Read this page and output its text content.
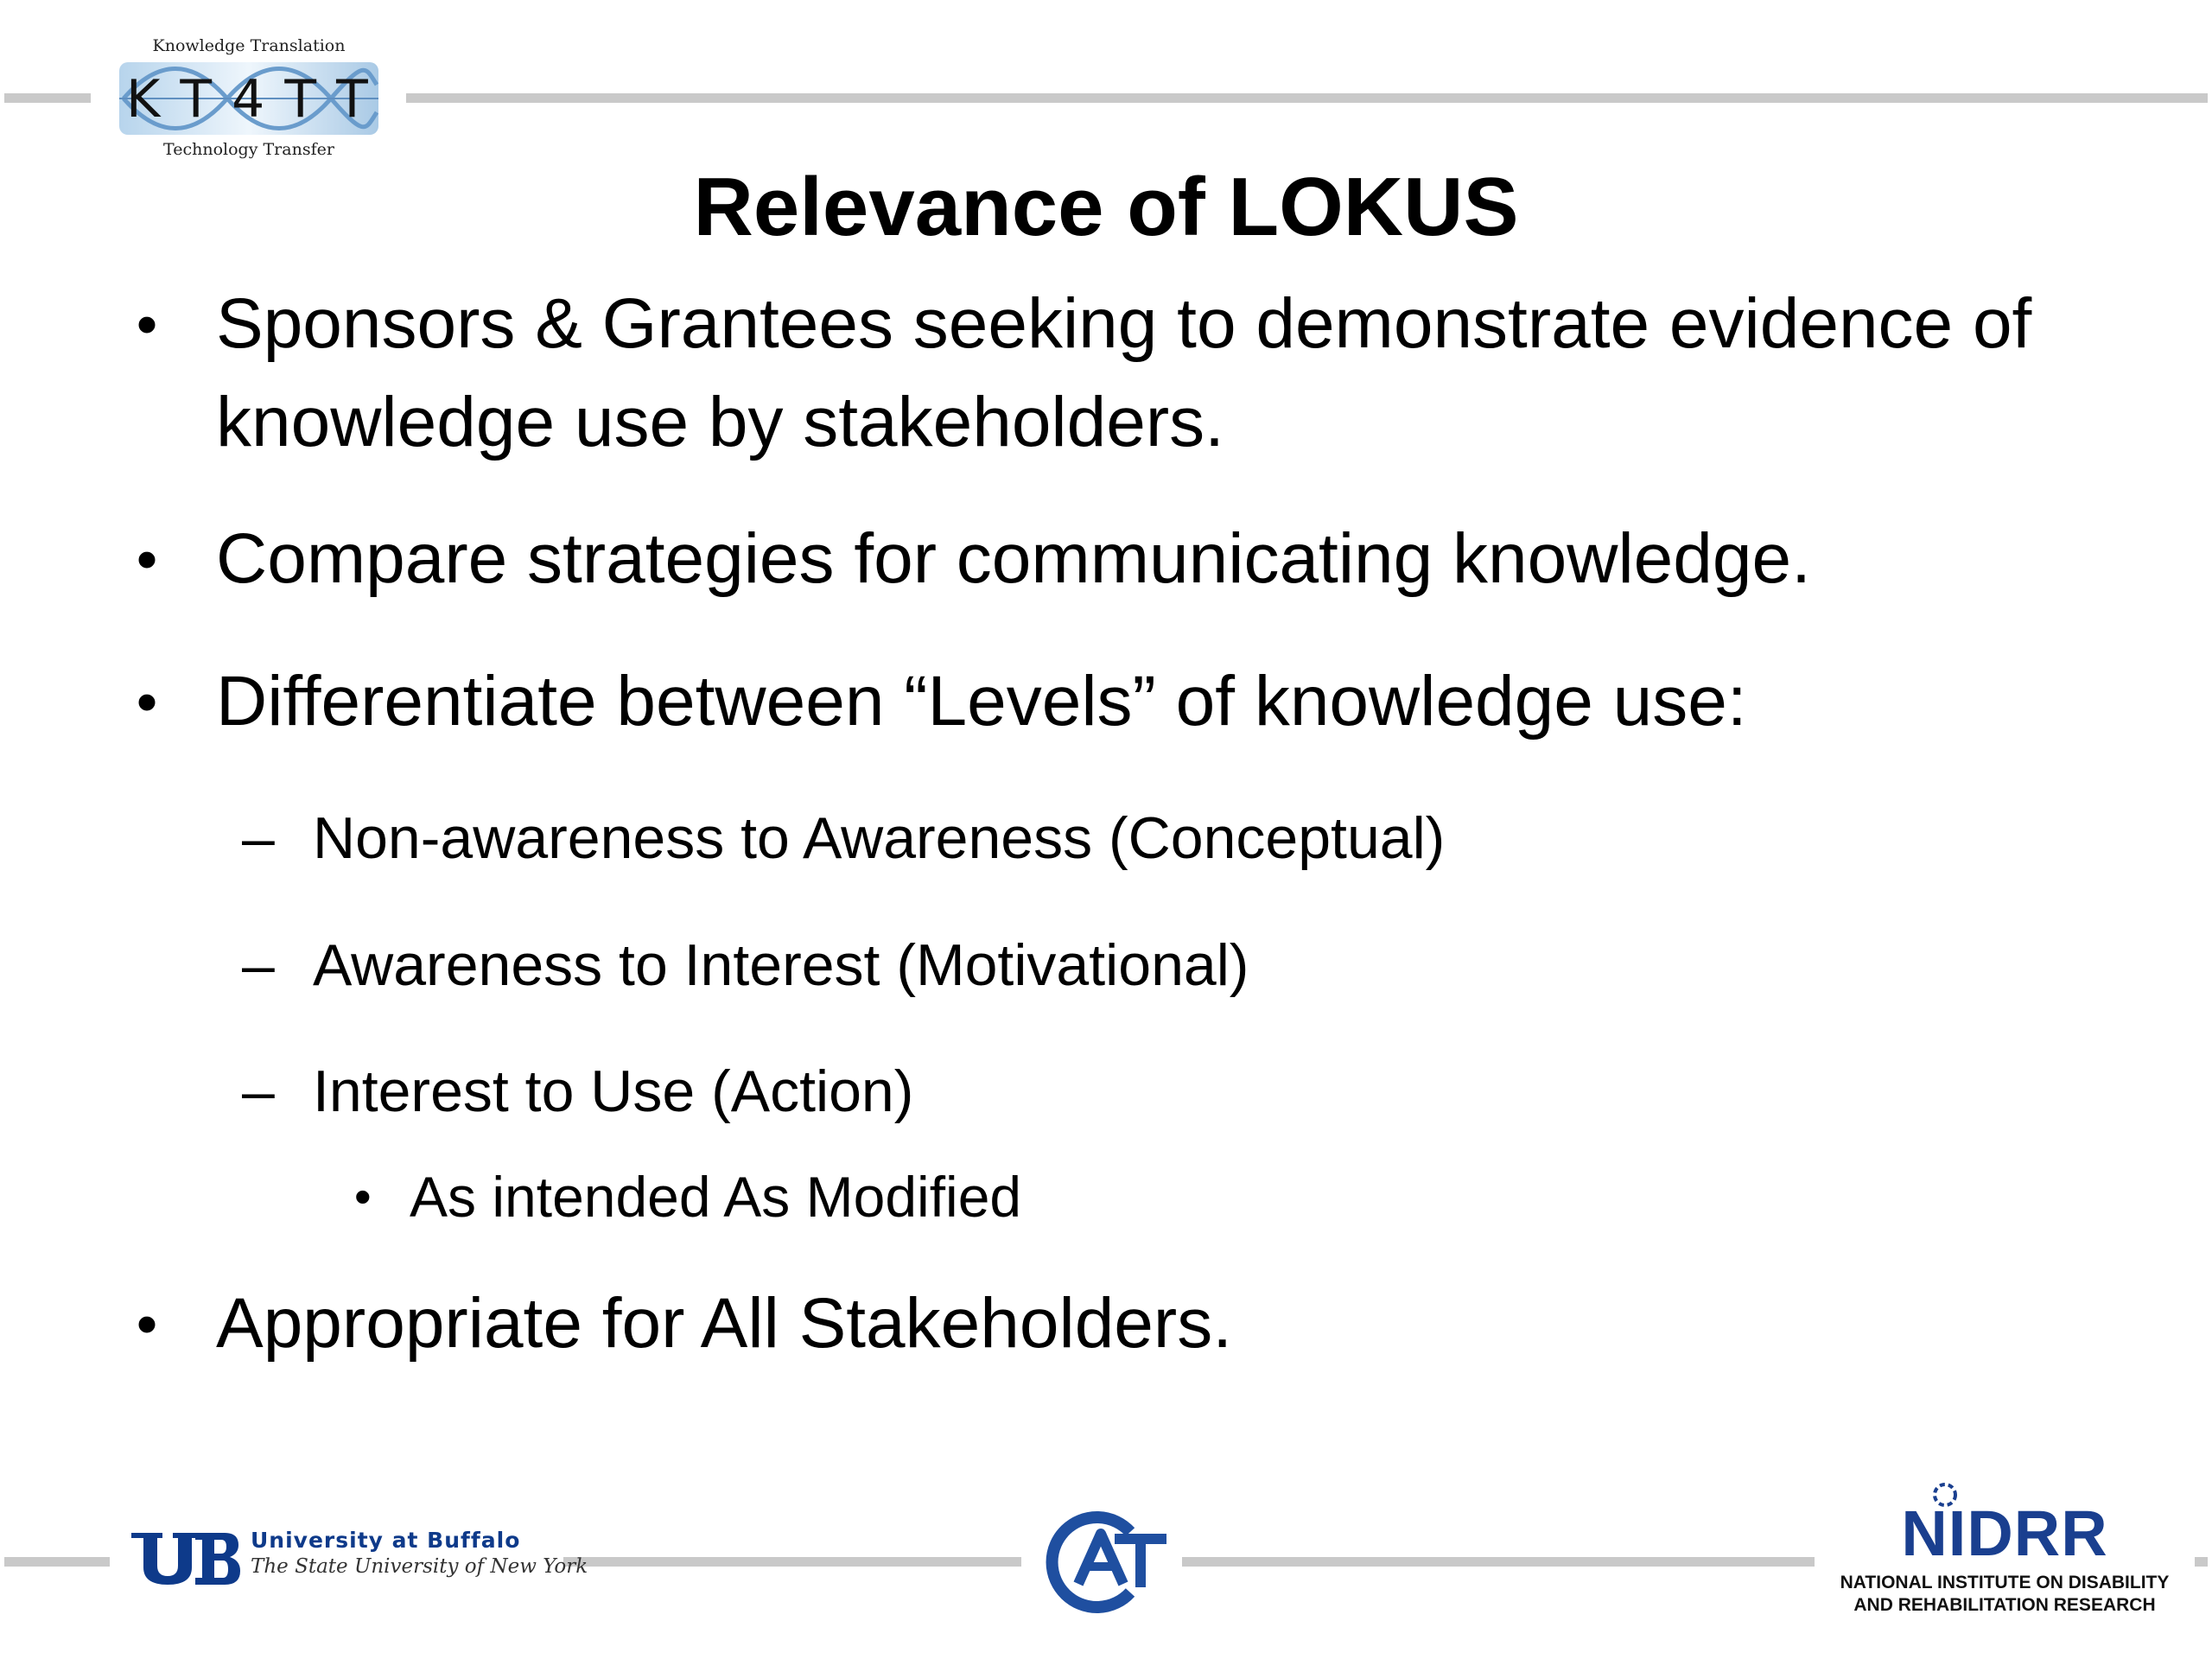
Knowledge Translation
K T 4 T T
Technology Transfer
Relevance of LOKUS
• Sponsors & Grantees seeking to demonstrate evidence of knowledge use by stakeholders.
• Compare strategies for communicating knowledge.
• Differentiate between “Levels” of knowledge use:
– Non-awareness to Awareness (Conceptual)
– Awareness to Interest (Motivational)
– Interest to Use (Action)
• As intended As Modified
• Appropriate for All Stakeholders.
University at Buffalo
The State University of New York	NIDRR
NATIONAL INSTITUTE ON DISABILITY
AND REHABILITATION RESEARCH
